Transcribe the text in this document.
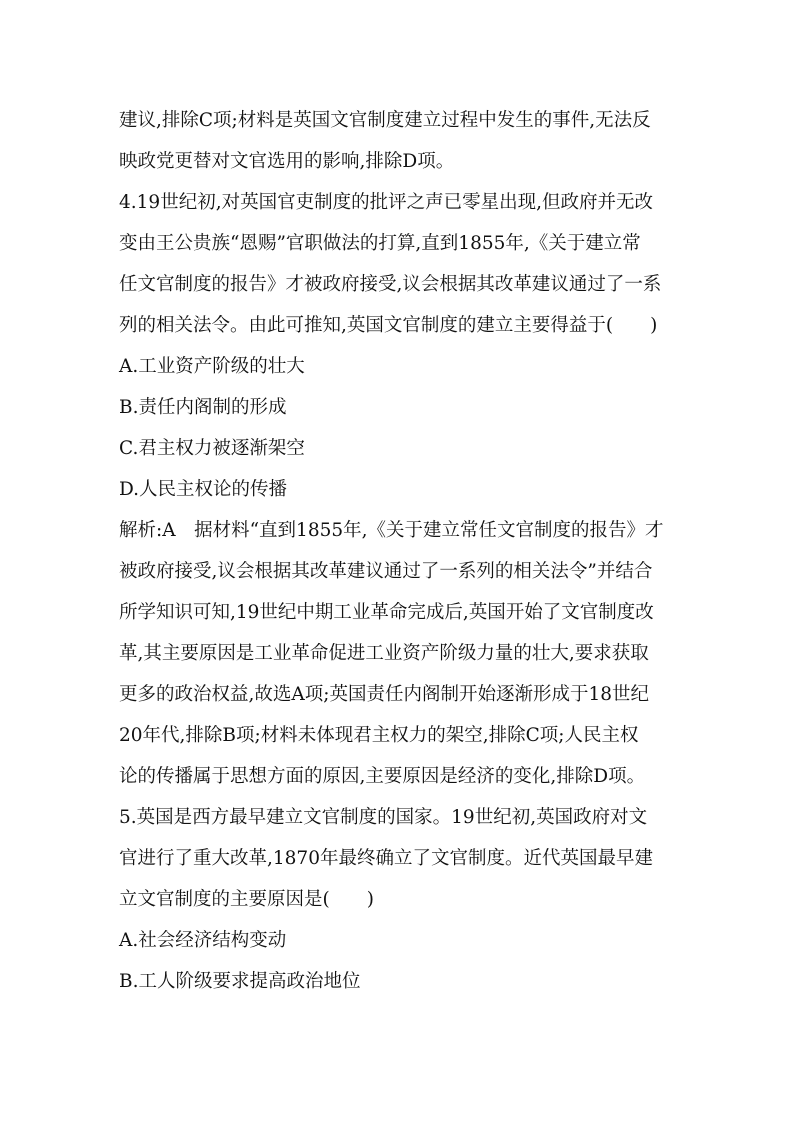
建议,排除C项;材料是英国文官制度建立过程中发生的事件,无法反
映政党更替对文官选用的影响,排除D项。
4.19世纪初,对英国官吏制度的批评之声已零星出现,但政府并无改
变由王公贵族“恩赐”官职做法的打算,直到1855年,《关于建立常
任文官制度的报告》才被政府接受,议会根据其改革建议通过了一系
列的相关法令。由此可推知,英国文官制度的建立主要得益于(　　)
A.工业资产阶级的壮大
B.责任内阁制的形成
C.君主权力被逐渐架空
D.人民主权论的传播
解析:A　据材料“直到1855年,《关于建立常任文官制度的报告》才
被政府接受,议会根据其改革建议通过了一系列的相关法令”并结合
所学知识可知,19世纪中期工业革命完成后,英国开始了文官制度改
革,其主要原因是工业革命促进工业资产阶级力量的壮大,要求获取
更多的政治权益,故选A项;英国责任内阁制开始逐渐形成于18世纪
20年代,排除B项;材料未体现君主权力的架空,排除C项;人民主权
论的传播属于思想方面的原因,主要原因是经济的变化,排除D项。
5.英国是西方最早建立文官制度的国家。19世纪初,英国政府对文
官进行了重大改革,1870年最终确立了文官制度。近代英国最早建
立文官制度的主要原因是(　　)
A.社会经济结构变动
B.工人阶级要求提高政治地位
